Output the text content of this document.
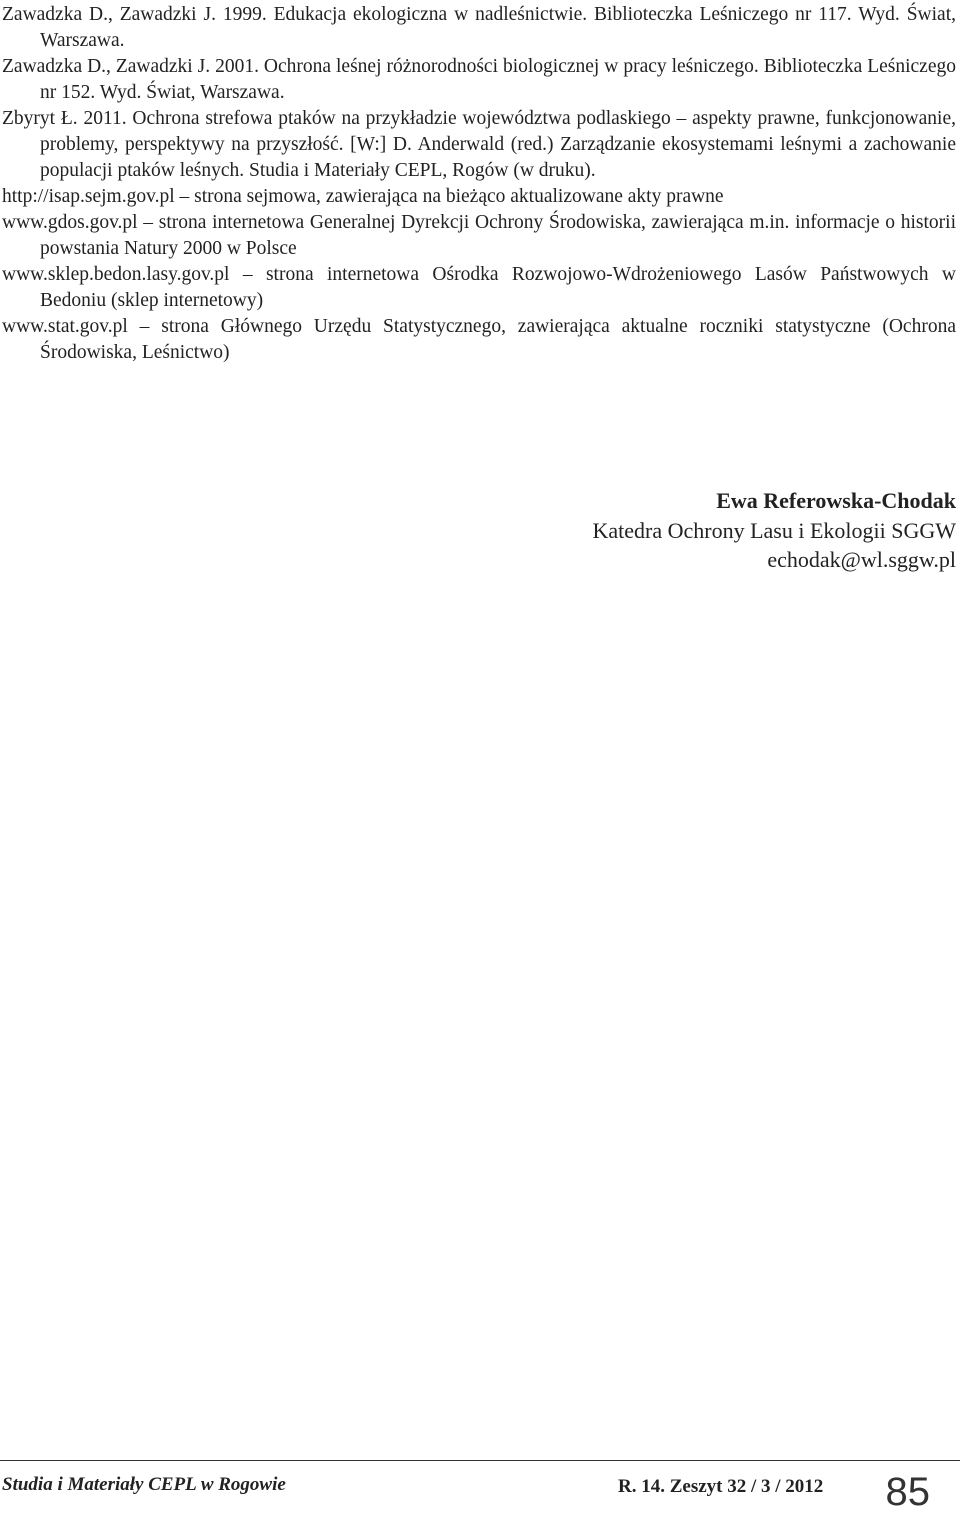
Zawadzka D., Zawadzki J. 1999. Edukacja ekologiczna w nadleśnictwie. Biblioteczka Leśniczego nr 117. Wyd. Świat, Warszawa.

Zawadzka D., Zawadzki J. 2001. Ochrona leśnej różnorodności biologicznej w pracy leśniczego. Biblioteczka Leśniczego nr 152. Wyd. Świat, Warszawa.

Zbyryt Ł. 2011. Ochrona strefowa ptaków na przykładzie województwa podlaskiego – aspekty prawne, funkcjonowanie, problemy, perspektywy na przyszłość. [W:] D. Anderwald (red.) Zarządzanie ekosystemami leśnymi a zachowanie populacji ptaków leśnych. Studia i Materiały CEPL, Rogów (w druku).

http://isap.sejm.gov.pl – strona sejmowa, zawierająca na bieżąco aktualizowane akty prawne

www.gdos.gov.pl – strona internetowa Generalnej Dyrekcji Ochrony Środowiska, zawierająca m.in. informacje o historii powstania Natury 2000 w Polsce

www.sklep.bedon.lasy.gov.pl – strona internetowa Ośrodka Rozwojowo-Wdrożeniowego Lasów Państwowych w Bedoniu (sklep internetowy)

www.stat.gov.pl – strona Głównego Urzędu Statystycznego, zawierająca aktualne roczniki statystyczne (Ochrona Środowiska, Leśnictwo)

Ewa Referowska-Chodak
Katedra Ochrony Lasu i Ekologii SGGW
echodak@wl.sggw.pl
Studia i Materiały CEPL w Rogowie	R. 14. Zeszyt 32 / 3 / 2012 85
